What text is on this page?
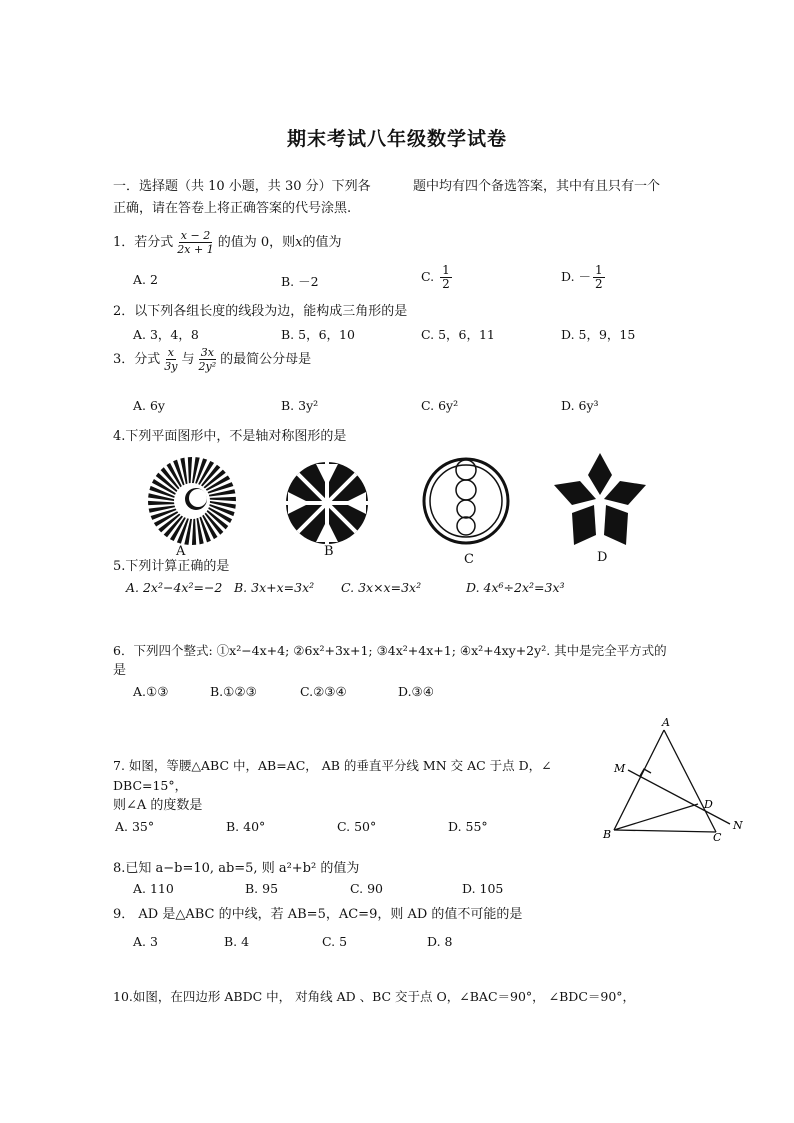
期末考试八年级数学试卷
一．选择题（共 10 小题，共 30 分）下列各	题中均有四个备选答案，其中有且只有一个
正确，请在答卷上将正确答案的代号涂黑.
1．若分式 $\frac{x - 2}{2x + 1}$ 的值为 0，则x的值为
A. 2	B. －2	C. $\frac{1}{2}$	D. － $\frac{1}{2}$
2．以下列各组长度的线段为边，能构成三角形的是
A. 3，4，8	B. 5，6，10	C. 5，6，11	D. 5，9，15
3．分式 $\frac{x}{3y}$ 与 $\frac{3x}{\text{2y²}}$ 的最简公分母是
A. 6y	B. 3y²	C. 6y²	D. 6y³
4.下列平面图形中，不是轴对称图形的是
A	B
C	D
5.下列计算正确的是
A. 2x²−4x²=−2 B. 3x+x=3x² C. 3x×x=3x²	D. 4x⁶÷2x²=3x³
6．下列四个整式: ①x²−4x+4; ②6x²+3x+1; ③4x²+4x+1; ④x²+4xy+2y². 其中是完全平方式的
是
A.①③	B.①②③	C.②③④	D.③④
7. 如图，等腰△ABC 中，AB=AC， AB 的垂直平分线 MN 交 AC 于点 D，∠
DBC=15°，
则∠A 的度数是
A. 35°	B. 40°	C. 50°	D. 55°
A
M
D
N
B	C
8.已知 a−b=10, ab=5, 则 a²+b² 的值为
A. 110	B. 95	C. 90	D. 105
9． AD 是△ABC 的中线，若 AB=5，AC=9，则 AD 的值不可能的是
A. 3	B. 4	C. 5	D. 8
10.如图，在四边形 ABDC 中， 对角线 AD 、BC 交于点 O，∠BAC＝90°， ∠BDC＝90°，
